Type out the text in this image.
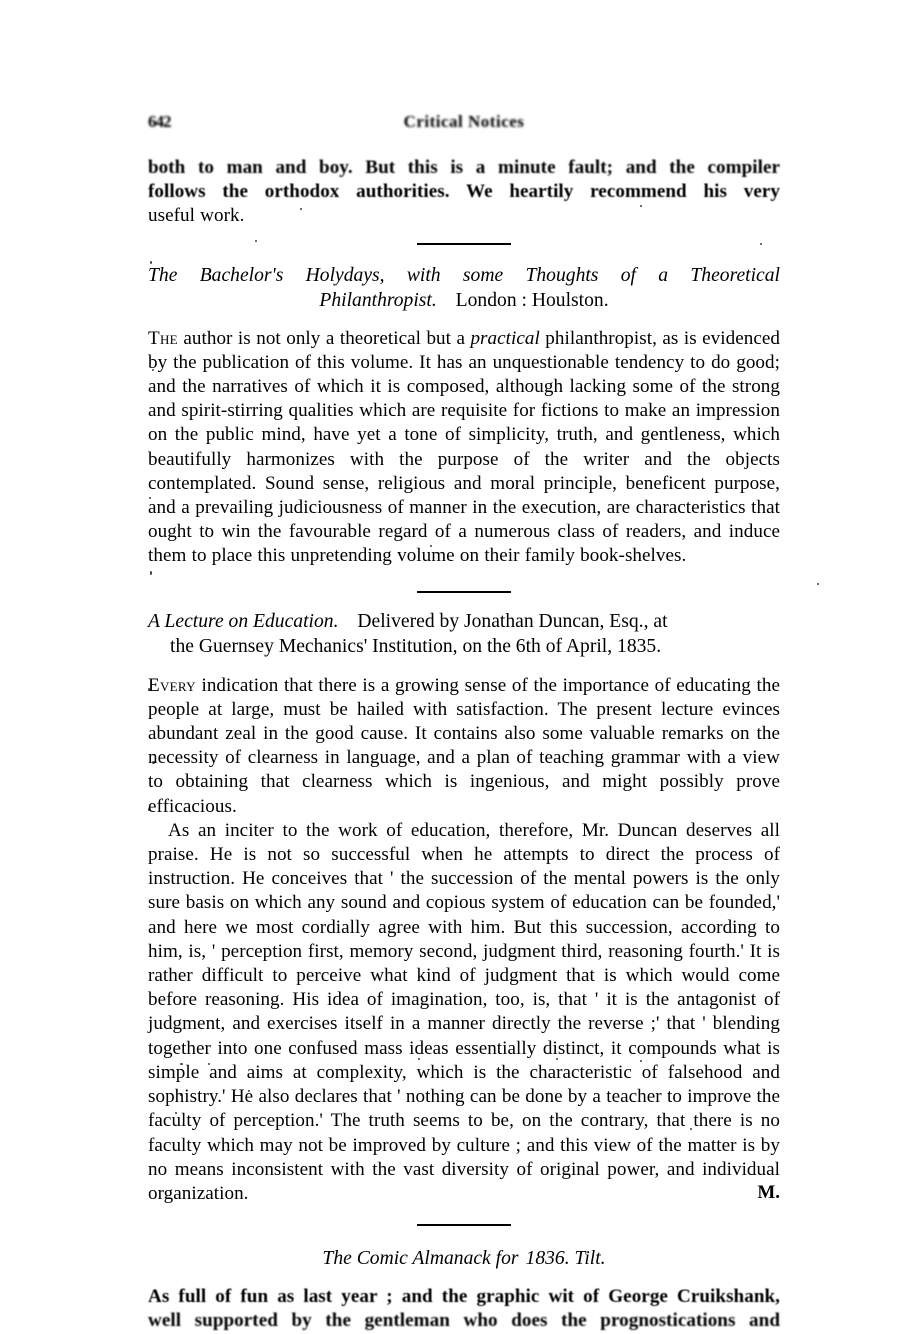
642	Critical Notices
both to man and boy. But this is a minute fault; and the compiler
follows the orthodox authorities. We heartily recommend his very
useful work.
The Bachelor's Holydays, with some Thoughts of a Theoretical
Philanthropist. London : Houlston.

The author is not only a theoretical but a practical philanthropist, as is evidenced by the publication of this volume. It has an unquestionable tendency to do good; and the narratives of which it is composed, although lacking some of the strong and spirit-stirring qualities which are requisite for fictions to make an impression on the public mind, have yet a tone of simplicity, truth, and gentleness, which beautifully harmonizes with the purpose of the writer and the objects contemplated. Sound sense, religious and moral principle, beneficent purpose, and a prevailing judiciousness of manner in the execution, are characteristics that ought to win the favourable regard of a numerous class of readers, and induce them to place this unpretending volume on their family book-shelves.

A Lecture on Education. Delivered by Jonathan Duncan, Esq., at
the Guernsey Mechanics' Institution, on the 6th of April, 1835.

Every indication that there is a growing sense of the importance of educating the people at large, must be hailed with satisfaction. The present lecture evinces abundant zeal in the good cause. It contains also some valuable remarks on the necessity of clearness in language, and a plan of teaching grammar with a view to obtaining that clearness which is ingenious, and might possibly prove efficacious.

As an inciter to the work of education, therefore, Mr. Duncan deserves all praise. He is not so successful when he attempts to direct the process of instruction. He conceives that ' the succession of the mental powers is the only sure basis on which any sound and copious system of education can be founded,' and here we most cordially agree with him. But this succession, according to him, is, ' perception first, memory second, judgment third, reasoning fourth.' It is rather difficult to perceive what kind of judgment that is which would come before reasoning. His idea of imagination, too, is, that ' it is the antagonist of judgment, and exercises itself in a manner directly the reverse ;' that ' blending together into one confused mass ideas essentially distinct, it compounds what is simple and aims at complexity, which is the characteristic of falsehood and sophistry.' He also declares that ' nothing can be done by a teacher to improve the faculty of perception.' The truth seems to be, on the contrary, that there is no faculty which may not be improved by culture ; and this view of the matter is by no means inconsistent with the vast diversity of original power, and individual organization.	M.
The Comic Almanack for 1836. Tilt.
As full of fun as last year ; and the graphic wit of George Cruikshank,
well supported by the gentleman who does the prognostications and
